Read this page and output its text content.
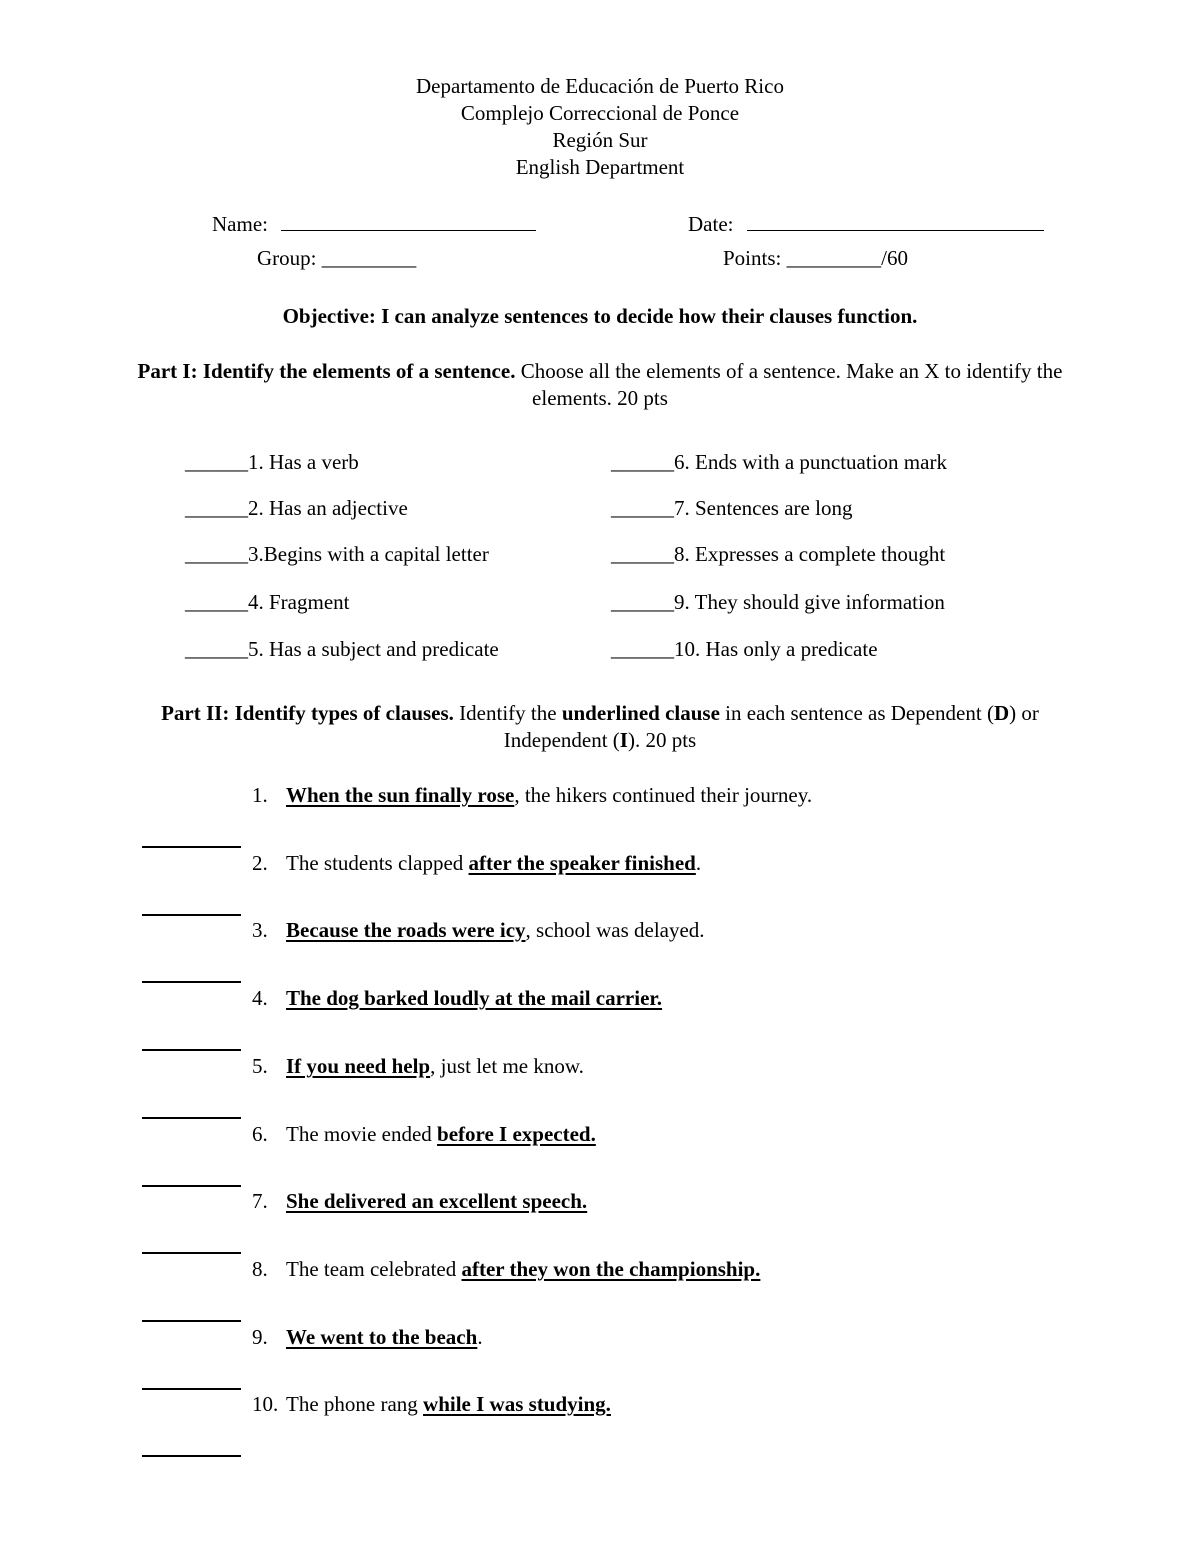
Departamento de Educación de Puerto Rico
Complejo Correccional de Ponce
Región Sur
English Department
Name:	Date:
Group: _________	Points: _________/60
Objective: I can analyze sentences to decide how their clauses function.
Part I: Identify the elements of a sentence. Choose all the elements of a sentence. Make an X to identify the
elements. 20 pts
______1. Has a verb
______2. Has an adjective
______3.Begins with a capital letter
______4. Fragment
______5. Has a subject and predicate
______6. Ends with a punctuation mark
______7. Sentences are long
______8. Expresses a complete thought
______9. They should give information
______10. Has only a predicate
Part II: Identify types of clauses. Identify the underlined clause in each sentence as Dependent (D) or
Independent (I). 20 pts
1. When the sun finally rose, the hikers continued their journey.
2. The students clapped after the speaker finished.
3. Because the roads were icy, school was delayed.
4. The dog barked loudly at the mail carrier.
5. If you need help, just let me know.
6. The movie ended before I expected.
7. She delivered an excellent speech.
8. The team celebrated after they won the championship.
9. We went to the beach.
10. The phone rang while I was studying.
